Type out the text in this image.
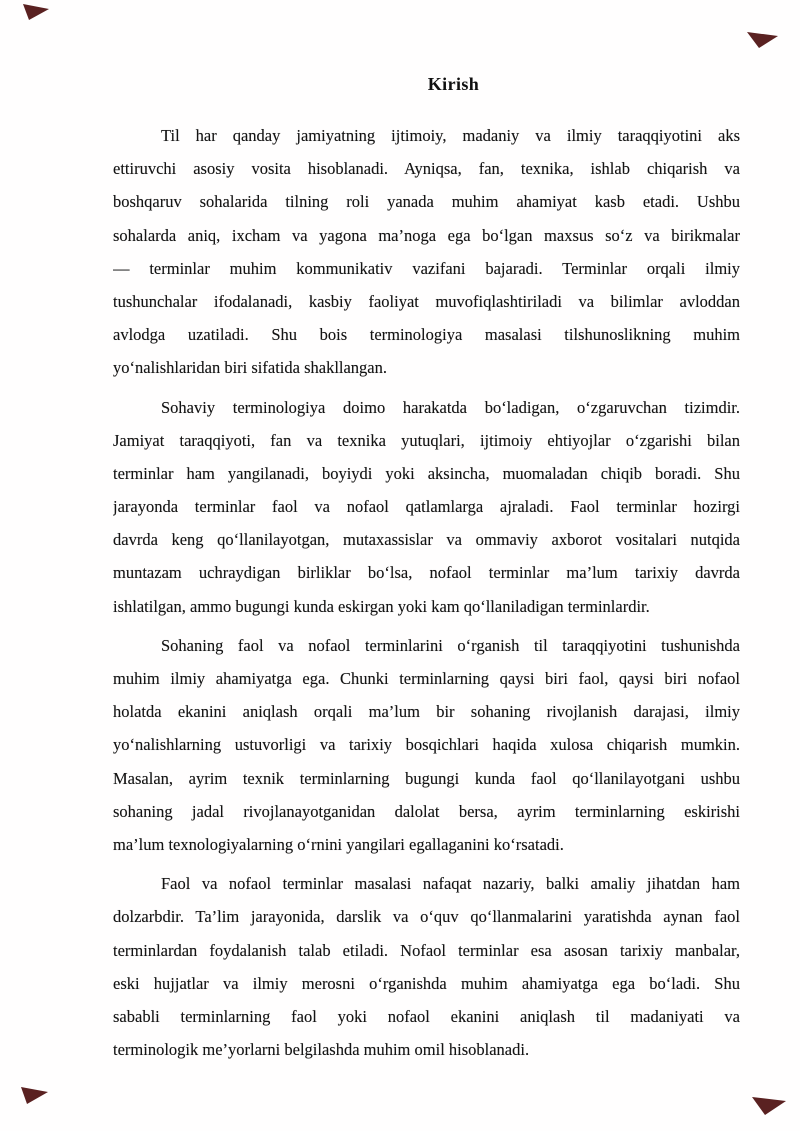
Kirish
Til har qanday jamiyatning ijtimoiy, madaniy va ilmiy taraqqiyotini aks
ettiruvchi asosiy vosita hisoblanadi. Ayniqsa, fan, texnika, ishlab chiqarish va
boshqaruv sohalarida tilning roli yanada muhim ahamiyat kasb etadi. Ushbu
sohalarda aniq, ixcham va yagona ma’noga ega boʻlgan maxsus soʻz va birikmalar
— terminlar muhim kommunikativ vazifani bajaradi. Terminlar orqali ilmiy
tushunchalar ifodalanadi, kasbiy faoliyat muvofiqlashtiriladi va bilimlar avloddan
avlodga uzatiladi. Shu bois terminologiya masalasi tilshunoslikning muhim
yoʻnalishlaridan biri sifatida shakllangan.
Sohaviy terminologiya doimo harakatda boʻladigan, oʻzgaruvchan tizimdir.
Jamiyat taraqqiyoti, fan va texnika yutuqlari, ijtimoiy ehtiyojlar oʻzgarishi bilan
terminlar ham yangilanadi, boyiydi yoki aksincha, muomaladan chiqib boradi. Shu
jarayonda terminlar faol va nofaol qatlamlarga ajraladi. Faol terminlar hozirgi
davrda keng qoʻllanilayotgan, mutaxassislar va ommaviy axborot vositalari nutqida
muntazam uchraydigan birliklar boʻlsa, nofaol terminlar ma’lum tarixiy davrda
ishlatilgan, ammo bugungi kunda eskirgan yoki kam qoʻllaniladigan terminlardir.
Sohaning faol va nofaol terminlarini oʻrganish til taraqqiyotini tushunishda
muhim ilmiy ahamiyatga ega. Chunki terminlarning qaysi biri faol, qaysi biri nofaol
holatda ekanini aniqlash orqali ma’lum bir sohaning rivojlanish darajasi, ilmiy
yoʻnalishlarning ustuvorligi va tarixiy bosqichlari haqida xulosa chiqarish mumkin.
Masalan, ayrim texnik terminlarning bugungi kunda faol qoʻllanilayotgani ushbu
sohaning jadal rivojlanayotganidan dalolat bersa, ayrim terminlarning eskirishi
ma’lum texnologiyalarning oʻrnini yangilari egallaganini koʻrsatadi.
Faol va nofaol terminlar masalasi nafaqat nazariy, balki amaliy jihatdan ham
dolzarbdir. Ta’lim jarayonida, darslik va oʻquv qoʻllanmalarini yaratishda aynan faol
terminlardan foydalanish talab etiladi. Nofaol terminlar esa asosan tarixiy manbalar,
eski hujjatlar va ilmiy merosni oʻrganishda muhim ahamiyatga ega boʻladi. Shu
sababli terminlarning faol yoki nofaol ekanini aniqlash til madaniyati va
terminologik me’yorlarni belgilashda muhim omil hisoblanadi.
